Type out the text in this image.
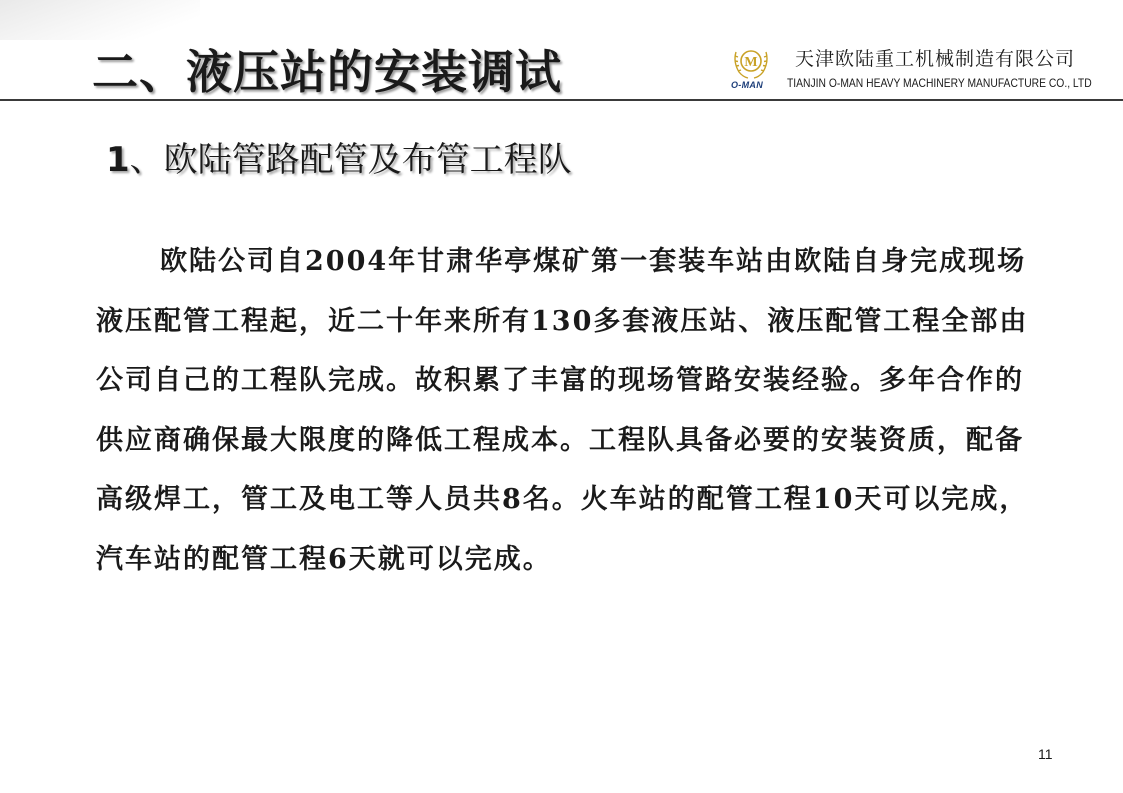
二、液压站的安装调试	M
O-MAN
天津欧陆重工机械制造有限公司
TIANJIN O-MAN HEAVY MACHINERY MANUFACTURE CO., LTD
1、欧陆管路配管及布管工程队

欧陆公司自2004年甘肃华亭煤矿第一套装车站由欧陆自身完成现场液压配管工程起，近二十年来所有130多套液压站、液压配管工程全部由公司自己的工程队完成。故积累了丰富的现场管路安装经验。多年合作的供应商确保最大限度的降低工程成本。工程队具备必要的安装资质，配备高级焊工，管工及电工等人员共8名。火车站的配管工程10天可以完成，汽车站的配管工程6天就可以完成。

11
